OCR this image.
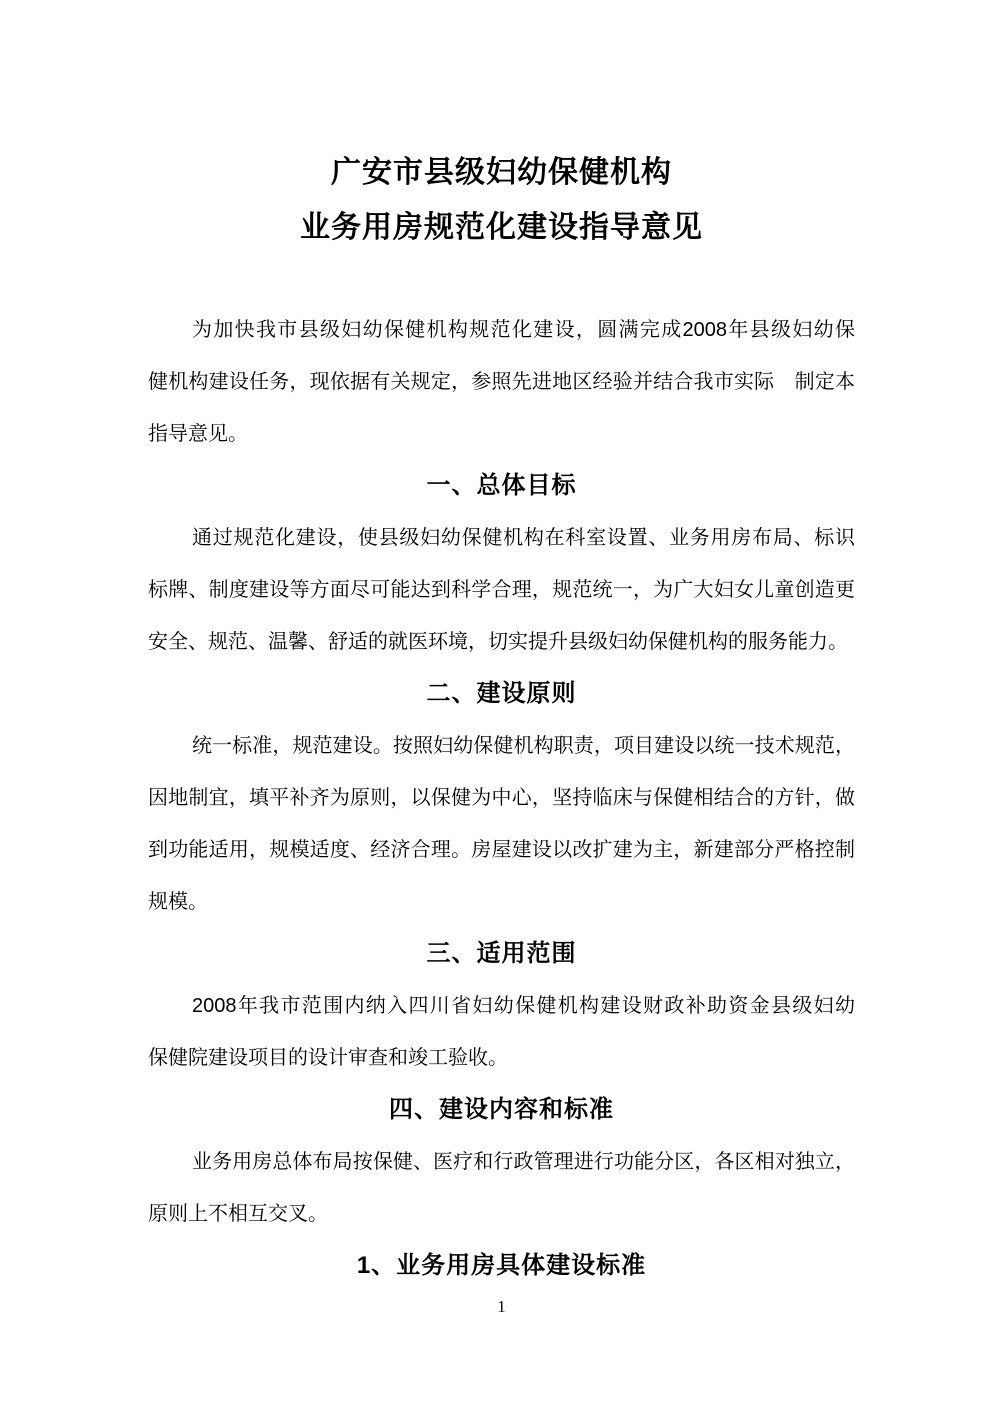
广安市县级妇幼保健机构
业务用房规范化建设指导意见
为加快我市县级妇幼保健机构规范化建设，圆满完成2008年县级妇幼保
健机构建设任务，现依据有关规定，参照先进地区经验并结合我市实际　制定本
指导意见。
一、总体目标
通过规范化建设，使县级妇幼保健机构在科室设置、业务用房布局、标识
标牌、制度建设等方面尽可能达到科学合理，规范统一，为广大妇女儿童创造更
安全、规范、温馨、舒适的就医环境，切实提升县级妇幼保健机构的服务能力。
二、建设原则
统一标准，规范建设。按照妇幼保健机构职责，项目建设以统一技术规范，
因地制宜，填平补齐为原则，以保健为中心，坚持临床与保健相结合的方针，做
到功能适用，规模适度、经济合理。房屋建设以改扩建为主，新建部分严格控制
规模。
三、适用范围
2008年我市范围内纳入四川省妇幼保健机构建设财政补助资金县级妇幼
保健院建设项目的设计审查和竣工验收。
四、建设内容和标准
业务用房总体布局按保健、医疗和行政管理进行功能分区，各区相对独立，
原则上不相互交叉。
1、业务用房具体建设标准
1
